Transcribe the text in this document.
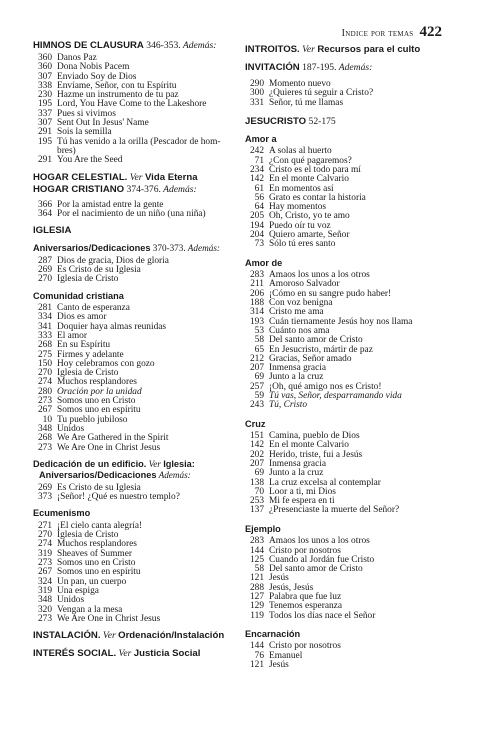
Indice por temas 422
HIMNOS DE CLAUSURA 346-353. Además:
360 Danos Paz
360 Dona Nobis Pacem
307 Enviado Soy de Dios
338 Envíame, Señor, con tu Espíritu
230 Hazme un instrumento de tu paz
195 Lord, You Have Come to the Lakeshore
337 Pues si vivimos
307 Sent Out In Jesus' Name
291 Sois la semilla
195 Tú has venido a la orilla (Pescador de hom-
bres)
291 You Are the Seed
HOGAR CELESTIAL. Ver Vida Eterna
HOGAR CRISTIANO 374-376. Además:
366 Por la amistad entre la gente
364 Por el nacimiento de un niño (una niña)
IGLESIA
Aniversarios/Dedicaciones 370-373. Además:
287 Dios de gracia, Dios de gloria
269 Es Cristo de su Iglesia
270 Iglesia de Cristo
Comunidad cristiana
281 Canto de esperanza
334 Dios es amor
341 Doquier haya almas reunidas
333 El amor
268 En su Espíritu
275 Firmes y adelante
150 Hoy celebramos con gozo
270 Iglesia de Cristo
274 Muchos resplandores
280 Oración por la unidad
273 Somos uno en Cristo
267 Somos uno en espíritu
10 Tu pueblo jubiloso
348 Unidos
268 We Are Gathered in the Spirit
273 We Are One in Christ Jesus
Dedicación de un edificio. Ver Iglesia:
Aniversarios/Dedicaciones Además:
269 Es Cristo de su Iglesia
373 ¡Señor! ¿Qué es nuestro templo?
Ecumenismo
271 ¡El cielo canta alegría!
270 Iglesia de Cristo
274 Muchos resplandores
319 Sheaves of Summer
273 Somos uno en Cristo
267 Somos uno en espíritu
324 Un pan, un cuerpo
319 Una espiga
348 Unidos
320 Vengan a la mesa
273 We Are One in Christ Jesus
INSTALACIÓN. Ver Ordenación/Instalación
INTERÉS SOCIAL. Ver Justicia Social
INTROITOS. Ver Recursos para el culto
INVITACIÓN 187-195. Además:
290 Momento nuevo
300 ¿Quieres tú seguir a Cristo?
331 Señor, tú me llamas
JESUCRISTO 52-175
Amor a
242 A solas al huerto
71 ¿Con qué pagaremos?
234 Cristo es el todo para mí
142 En el monte Calvario
61 En momentos así
56 Grato es contar la historia
64 Hay momentos
205 Oh, Cristo, yo te amo
194 Puedo oír tu voz
204 Quiero amarte, Señor
73 Sólo tú eres santo
Amor de
283 Amaos los unos a los otros
211 Amoroso Salvador
206 ¡Cómo en su sangre pudo haber!
188 Con voz benigna
314 Cristo me ama
193 Cuán tiernamente Jesús hoy nos llama
53 Cuánto nos ama
58 Del santo amor de Cristo
65 En Jesucristo, mártir de paz
212 Gracias, Señor amado
207 Inmensa gracia
69 Junto a la cruz
257 ¡Oh, qué amigo nos es Cristo!
59 Tú vas, Señor, desparramando vida
243 Tú, Cristo
Cruz
151 Camina, pueblo de Dios
142 En el monte Calvario
202 Herido, triste, fui a Jesús
207 Inmensa gracia
69 Junto a la cruz
138 La cruz excelsa al contemplar
70 Loor a ti, mi Dios
253 Mi fe espera en ti
137 ¿Presenciaste la muerte del Señor?
Ejemplo
283 Amaos los unos a los otros
144 Cristo por nosotros
125 Cuando al Jordán fue Cristo
58 Del santo amor de Cristo
121 Jesús
288 Jesús, Jesús
127 Palabra que fue luz
129 Tenemos esperanza
119 Todos los días nace el Señor
Encarnación
144 Cristo por nosotros
76 Emanuel
121 Jesús
